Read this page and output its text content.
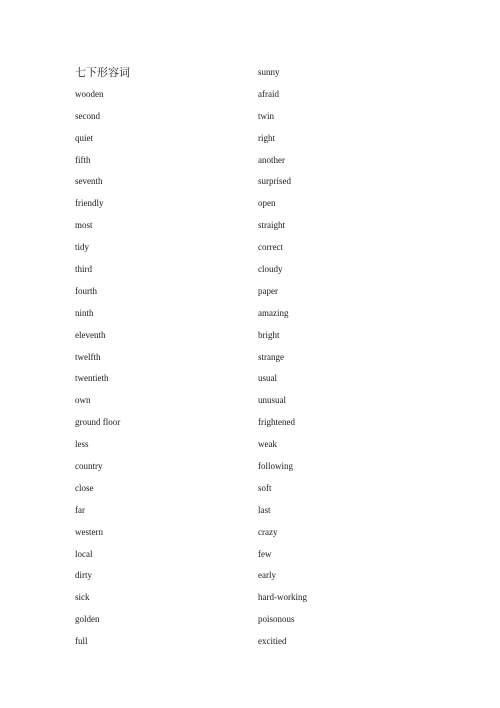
七下形容词
wooden
second
quiet
fifth
seventh
friendly
most
tidy
third
fourth
ninth
eleventh
twelfth
twentieth
own
ground floor
less
country
close
far
western
local
dirty
sick
golden
full
sunny
afraid
twin
right
another
surprised
open
straight
correct
cloudy
paper
amazing
bright
strange
usual
unusual
frightened
weak
following
soft
last
crazy
few
early
hard-working
poisonous
excitied
